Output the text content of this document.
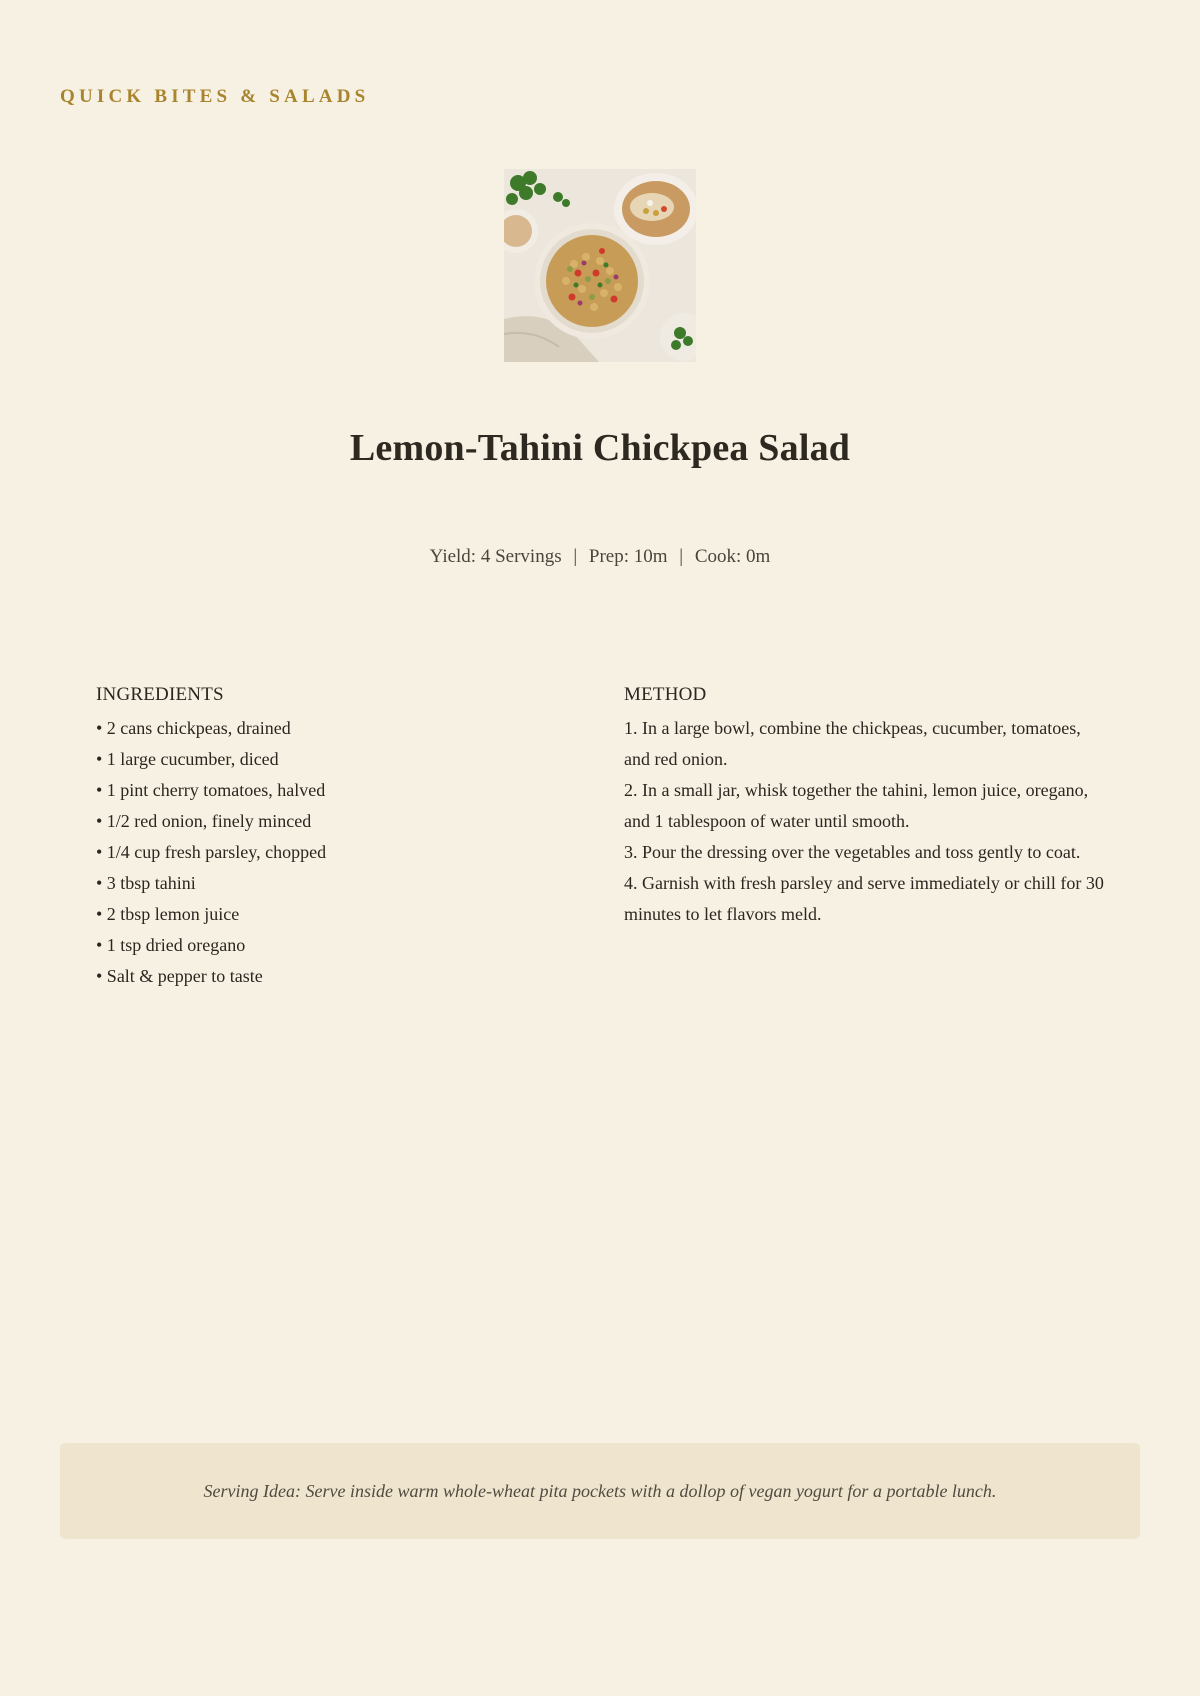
QUICK BITES & SALADS
Lemon-Tahini Chickpea Salad
Yield: 4 Servings | Prep: 10m | Cook: 0m
INGREDIENTS
• 2 cans chickpeas, drained
• 1 large cucumber, diced
• 1 pint cherry tomatoes, halved
• 1/2 red onion, finely minced
• 1/4 cup fresh parsley, chopped
• 3 tbsp tahini
• 2 tbsp lemon juice
• 1 tsp dried oregano
• Salt & pepper to taste
METHOD
1. In a large bowl, combine the chickpeas, cucumber, tomatoes, and red onion.
2. In a small jar, whisk together the tahini, lemon juice, oregano, and 1 tablespoon of water until smooth.
3. Pour the dressing over the vegetables and toss gently to coat.
4. Garnish with fresh parsley and serve immediately or chill for 30 minutes to let flavors meld.
Serving Idea: Serve inside warm whole-wheat pita pockets with a dollop of vegan yogurt for a portable lunch.
